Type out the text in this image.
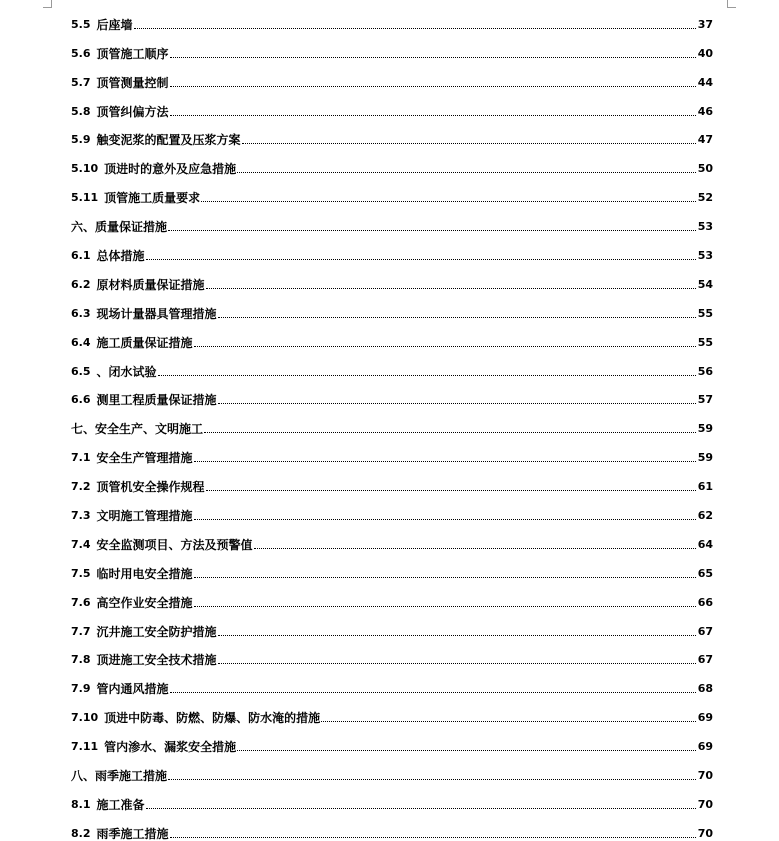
5.5 后座墙	37
5.6 顶管施工顺序	40
5.7 顶管测量控制	44
5.8 顶管纠偏方法	46
5.9 触变泥浆的配置及压浆方案	47
5.10 顶进时的意外及应急措施	50
5.11 顶管施工质量要求	52
六、质量保证措施	53
6.1 总体措施	53
6.2 原材料质量保证措施	54
6.3 现场计量器具管理措施	55
6.4 施工质量保证措施	55
6.5 、闭水试验	56
6.6 测里工程质量保证措施	57
七、安全生产、文明施工	59
7.1 安全生产管理措施	59
7.2 顶管机安全操作规程	61
7.3 文明施工管理措施	62
7.4 安全监测项目、方法及预警值	64
7.5 临时用电安全措施	65
7.6 高空作业安全措施	66
7.7 沉井施工安全防护措施	67
7.8 顶进施工安全技术措施	67
7.9 管内通风措施	68
7.10 顶进中防毒、防燃、防爆、防水淹的措施	69
7.11 管内渗水、漏浆安全措施	69
八、雨季施工措施	70
8.1 施工准备	70
8.2 雨季施工措施	70
